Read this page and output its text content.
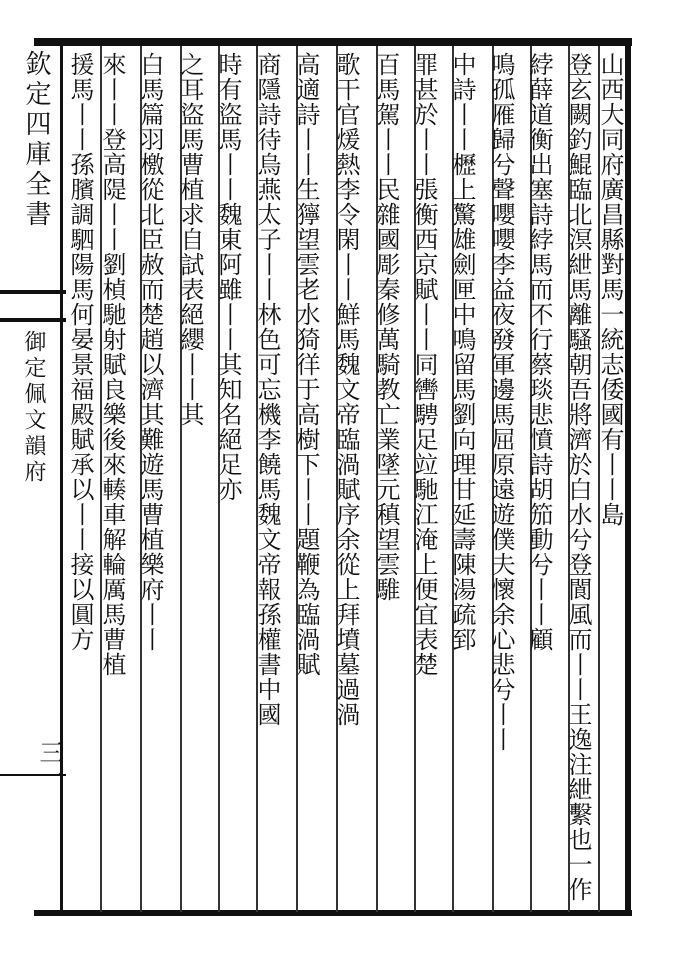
欽定四庫全書
御定佩文韻府
三一
山西大同府廣昌縣對馬一統志倭國有丨丨島
登玄闕釣鯤臨北溟紲馬離騷朝吾將濟於白水兮登閬風而丨丨王逸注紲繫也一作
綍薛道衡出塞詩綍馬而不行蔡琰悲憤詩胡笳動兮丨丨顧
鳴孤雁歸兮聲嚶嚶李益夜發軍邊馬屈原遠遊僕夫懷余心悲兮丨丨
中詩丨丨櫪上驚雄劍匣中鳴留馬劉向理甘延壽陳湯疏郅
罪甚於丨丨張衡西京賦丨丨同轡騁足竝馳江淹上便宜表楚
百馬駕丨丨民雜國彫秦修萬騎教亡業墜元稹望雲騅
歌干官煖熱李令閑丨丨鮮馬魏文帝臨渦賦序余從上拜墳墓過渦
高適詩丨丨生獰望雲老水猗徉于高樹下丨丨題鞭為臨渦賦
商隱詩待烏燕太子丨丨林色可忘機李饒馬魏文帝報孫權書中國
時有盜馬丨丨魏東阿雖丨丨其知名絕足亦
之耳盜馬曹植求自試表絕纓丨丨其
白馬篇羽檄從北臣赦而楚趙以濟其難遊馬曹植樂府丨丨
來丨丨登高隄丨丨劉楨馳射賦良樂後來輳車解輪厲馬曹植
援馬丨丨孫臏調駟陽馬何晏景福殿賦承以丨丨接以圓方
